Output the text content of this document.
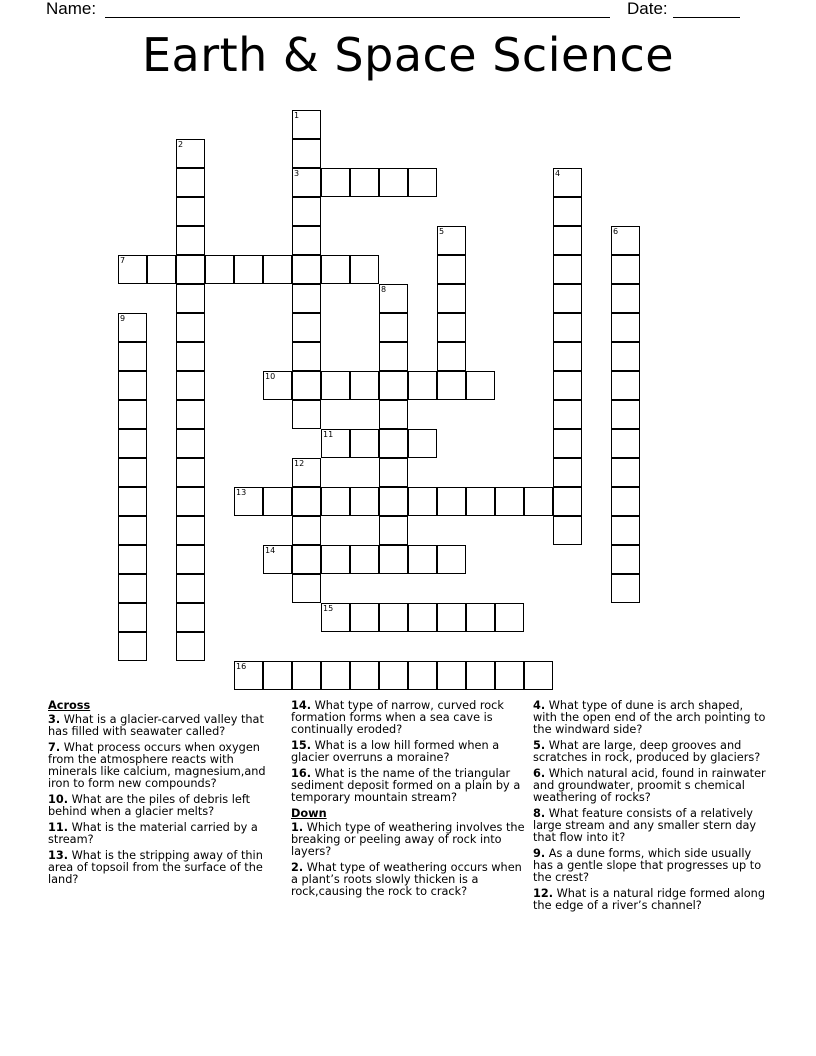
Name:	Date:
Earth & Space Science
3
7
10
11
13
14
15
16
1
2
4
5	6
8
9
12
Across
3. What is a glacier-carved valley that has filled with seawater called?
7. What process occurs when oxygen from the atmosphere reacts with minerals like calcium, magnesium,and iron to form new compounds?
10. What are the piles of debris left behind when a glacier melts?
11. What is the material carried by a stream?
13. What is the stripping away of thin area of topsoil from the surface of the land?
14. What type of narrow, curved rock formation forms when a sea cave is continually eroded?
15. What is a low hill formed when a glacier overruns a moraine?
16. What is the name of the triangular sediment deposit formed on a plain by a temporary mountain stream?
Down
1. Which type of weathering involves the breaking or peeling away of rock into layers?
2. What type of weathering occurs when a plant’s roots slowly thicken is a rock,causing the rock to crack?
4. What type of dune is arch shaped, with the open end of the arch pointing to the windward side?
5. What are large, deep grooves and scratches in rock, produced by glaciers?
6. Which natural acid, found in rainwater and groundwater, proomit s chemical weathering of rocks?
8. What feature consists of a relatively large stream and any smaller stern day that flow into it?
9. As a dune forms, which side usually has a gentle slope that progresses up to the crest?
12. What is a natural ridge formed along the edge of a river’s channel?
